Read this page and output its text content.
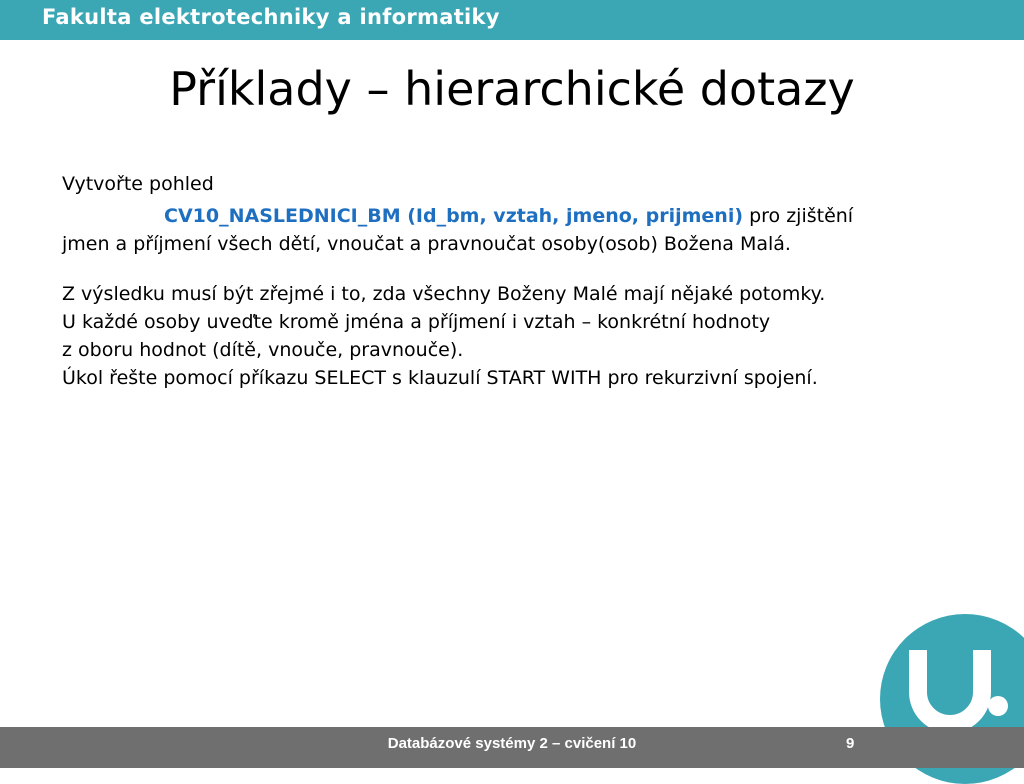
Fakulta elektrotechniky a informatiky
Příklady – hierarchické dotazy

Vytvořte pohled

CV10_NASLEDNICI_BM (Id_bm, vztah, jmeno, prijmeni) pro zjištění

jmen a příjmení všech dětí, vnoučat a pravnoučat osoby(osob) Božena Malá.

Z výsledku musí být zřejmé i to, zda všechny Boženy Malé mají nějaké potomky.

U každé osoby uveďte kromě jména a příjmení i vztah – konkrétní hodnoty

z oboru hodnot (dítě, vnouče, pravnouče).

Úkol řešte pomocí příkazu SELECT s klauzulí START WITH pro rekurzivní spojení.

Databázové systémy 2 – cvičení 10	9
